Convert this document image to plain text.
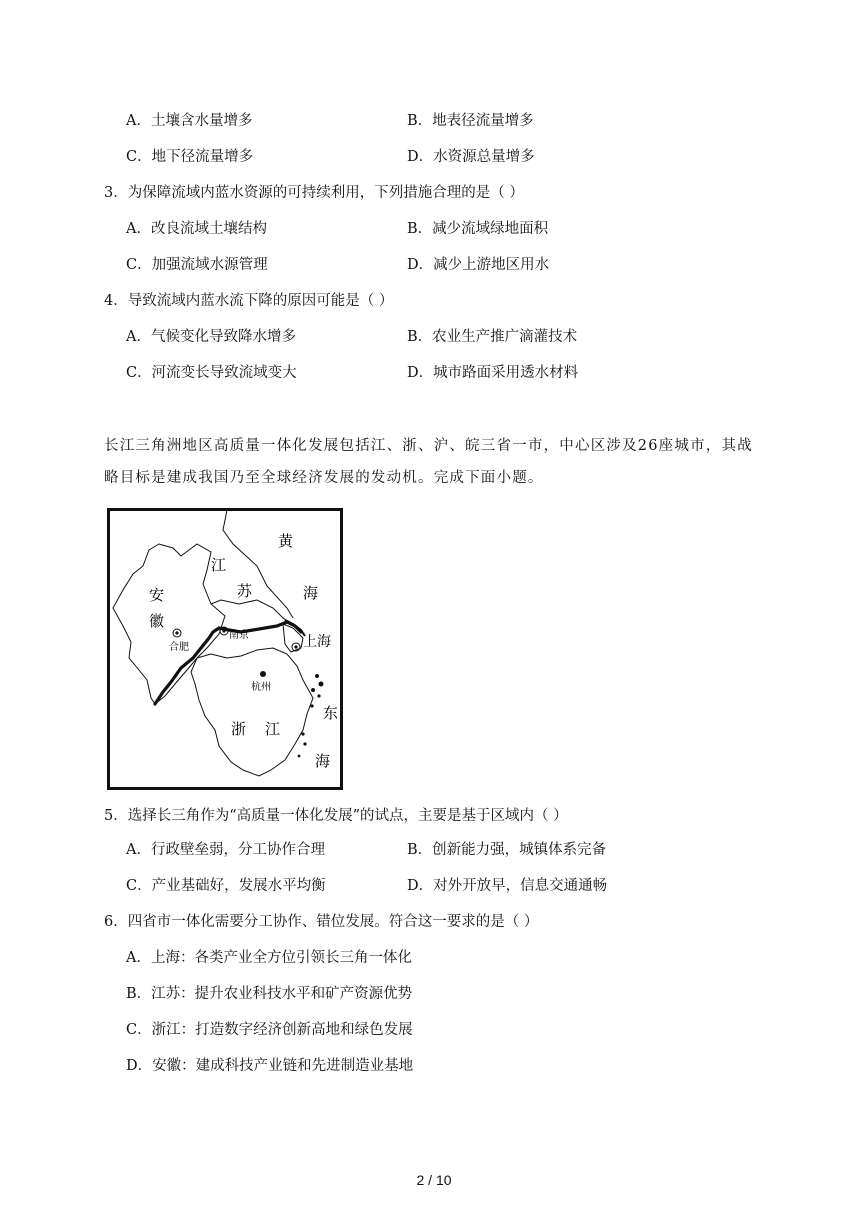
A．土壤含水量增多	B．地表径流量增多
C．地下径流量增多	D．水资源总量增多
3．为保障流域内蓝水资源的可持续利用，下列措施合理的是（ ）
A．改良流域土壤结构	B．减少流域绿地面积
C．加强流域水源管理	D．减少上游地区用水
4．导致流域内蓝水流下降的原因可能是（ ）
A．气候变化导致降水增多	B．农业生产推广滴灌技术
C．河流变长导致流域变大	D．城市路面采用透水材料
长江三角洲地区高质量一体化发展包括江、浙、沪、皖三省一市，中心区涉及26座城市，其战略目标是建成我国乃至全球经济发展的发动机。完成下面小题。
黄
海
江
苏
安
徽
合肥
南京	上海
杭州
东
海
浙 江
5．选择长三角作为“高质量一体化发展”的试点，主要是基于区域内（ ）
A．行政壁垒弱，分工协作合理	B．创新能力强，城镇体系完备
C．产业基础好，发展水平均衡	D．对外开放早，信息交通通畅
6．四省市一体化需要分工协作、错位发展。符合这一要求的是（ ）
A．上海：各类产业全方位引领长三角一体化
B．江苏：提升农业科技水平和矿产资源优势
C．浙江：打造数字经济创新高地和绿色发展
D．安徽：建成科技产业链和先进制造业基地
2 / 10
